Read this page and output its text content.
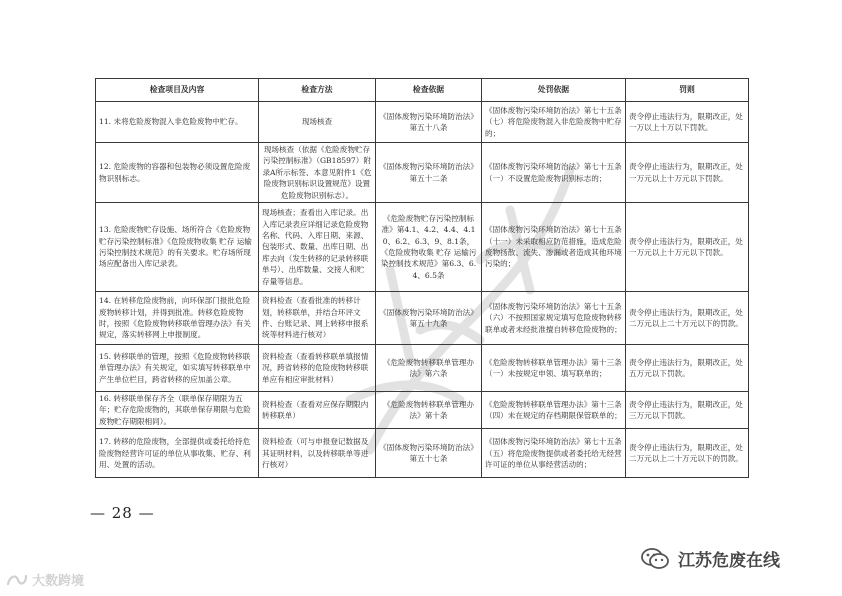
检查项目及内容	检查方法	检查依据	处罚依据	罚则
11. 未将危险废物混入非危险废物中贮存。	现场核查	《固体废物污染环境防治法》第五十八条	《固体废物污染环境防治法》第七十五条（七）将危险废物混入非危险废物中贮存的；	责令停止违法行为，限期改正，处一万以上十万以下罚款。
12. 危险废物的容器和包装物必须设置危险废物识别标志。	现场核查（依据《危险废物贮存污染控制标准》（GB18597）附录A所示标签、本意见附件1《危险废物识别标识设置规范》设置危险废物识别标志）。	《固体废物污染环境防治法》第五十二条	《固体废物污染环境防治法》第七十五条（一）不设置危险废物识别标志的；	责令停止违法行为，限期改正，处一万元以上十万元以下罚款。
13. 危险废物贮存设施、场所符合《危险废物贮存污染控制标准》《危险废物收集 贮存 运输污染控制技术规范》的有关要求。贮存场所现场应配备出入库记录表。	现场核查；查看出入库记录。出入库记录表应详细记录危险废物名称、代码、入库日期、来源、包装形式、数量、出库日期、出库去向（发生转移的记录转移联单号）、出库数量、交接人和贮存量等信息。	《危险废物贮存污染控制标准》第4.1、4.2、4.4、4.10、6.2、6.3、9、8.1条，《危险废物收集 贮存 运输污染控制技术规范》第6.3、6.4、6.5条	《固体废物污染环境防治法》第七十五条（十一）未采取相应防范措施，造成危险废物扬散、流失、渗漏或者造成其他环境污染的；	责令停止违法行为，限期改正，处一万元以上十万元以下罚款。
14. 在转移危险废物前，向环保部门报批危险废物转移计划，并得到批准。转移危险废物时，按照《危险废物转移联单管理办法》有关规定，落实转移网上申报制度。	资料检查（查看批准的转移计划，转移联单，并结合环评文件、台账记录、网上转移申报系统等材料进行核对）	《固体废物污染环境防治法》第五十九条	《固体废物污染环境防治法》第七十五条（六）不按照国家规定填写危险废物转移联单或者未经批准擅自转移危险废物的；	责令停止违法行为，限期改正，处二万元以上二十万元以下的罚款。
15. 转移联单的管理，按照《危险废物转移联单管理办法》有关规定，如实填写转移联单中产生单位栏目，跨省转移的应加盖公章。	资料检查（查看转移联单填报情况，跨省转移的危险废物转移联单应有相应审批材料）	《危险废物转移联单管理办法》第六条	《危险废物转移联单管理办法》第十三条（一）未按规定申领、填写联单的；	责令停止违法行为，限期改正，处五万元以下罚款。
16. 转移联单保存齐全（联单保存期限为五年；贮存危险废物的，其联单保存期限与危险废物贮存期限相同）。	资料检查（查看对应保存期限内转移联单）	《危险废物转移联单管理办法》第十条	《危险废物转移联单管理办法》第十三条（四）未在规定的存档期限保管联单的；	责令停止违法行为，限期改正，处三万元以下罚款。
17. 转移的危险废物，全部提供或委托给持危险废物经营许可证的单位从事收集、贮存、利用、处置的活动。	资料检查（可与申报登记数据及其证明材料，以及转移联单等进行核对）	《固体废物污染环境防治法》第五十七条	《固体废物污染环境防治法》第七十五条（五）将危险废物提供或者委托给无经营许可证的单位从事经营活动的；	责令停止违法行为，限期改正，处二万元以上二十万元以下的罚款。
— 28 —
大数跨境
江苏危废在线
